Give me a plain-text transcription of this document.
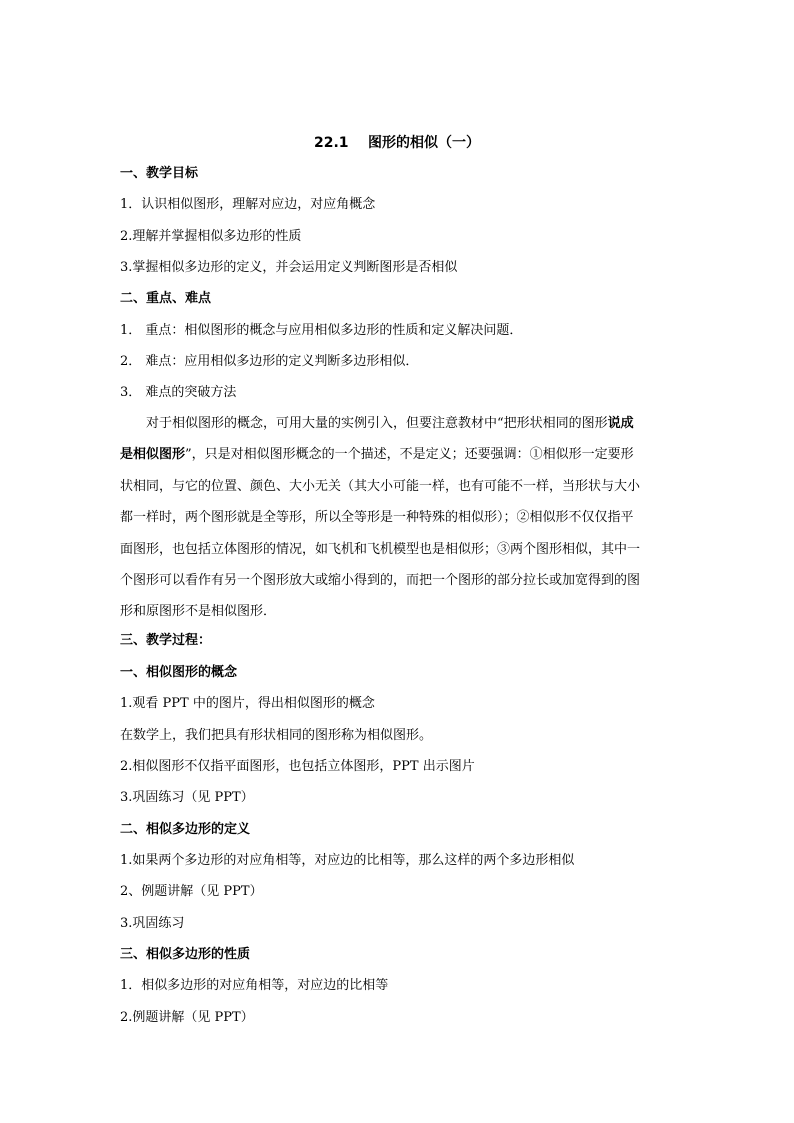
22.1    图形的相似（一）
一、教学目标
1．认识相似图形，理解对应边，对应角概念
2.理解并掌握相似多边形的性质
3.掌握相似多边形的定义，并会运用定义判断图形是否相似
二、重点、难点
1． 重点：相似图形的概念与应用相似多边形的性质和定义解决问题．
2． 难点：应用相似多边形的定义判断多边形相似．
3． 难点的突破方法
对于相似图形的概念，可用大量的实例引入，但要注意教材中“把形状相同的图形说成
是相似图形”，只是对相似图形概念的一个描述，不是定义；还要强调：①相似形一定要形
状相同，与它的位置、颜色、大小无关（其大小可能一样，也有可能不一样，当形状与大小
都一样时，两个图形就是全等形，所以全等形是一种特殊的相似形）；②相似形不仅仅指平
面图形，也包括立体图形的情况，如飞机和飞机模型也是相似形；③两个图形相似，其中一
个图形可以看作有另一个图形放大或缩小得到的，而把一个图形的部分拉长或加宽得到的图
形和原图形不是相似图形．
三、教学过程：
一、相似图形的概念
1.观看 PPT 中的图片，得出相似图形的概念
在数学上，我们把具有形状相同的图形称为相似图形。
2.相似图形不仅指平面图形，也包括立体图形，PPT 出示图片
3.巩固练习（见 PPT）
二、相似多边形的定义
1.如果两个多边形的对应角相等，对应边的比相等，那么这样的两个多边形相似
2、例题讲解（见 PPT）
3.巩固练习
三、相似多边形的性质
1．相似多边形的对应角相等，对应边的比相等
2.例题讲解（见 PPT）
